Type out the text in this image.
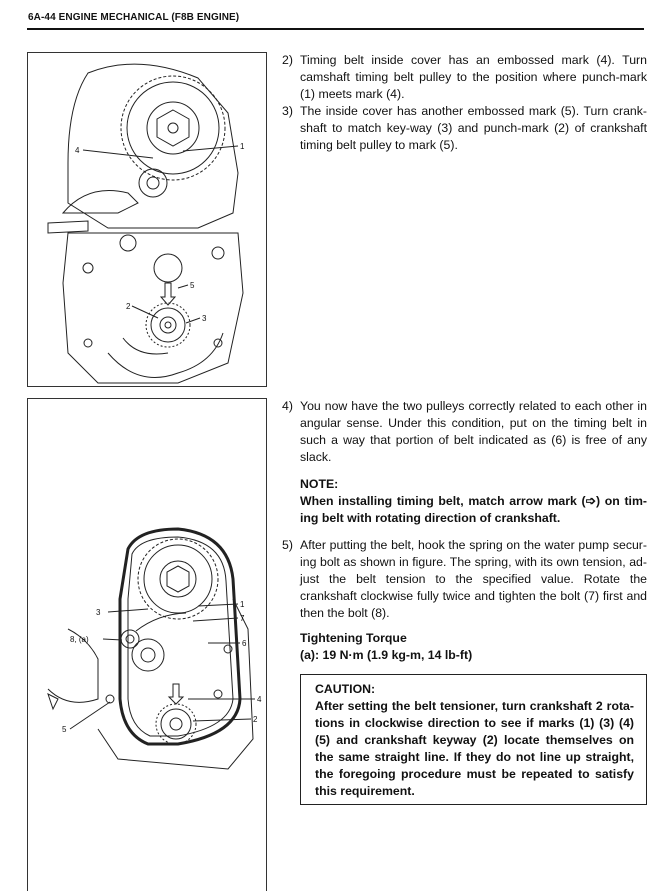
6A-44 ENGINE MECHANICAL (F8B ENGINE)
4	1
5
2
3
3
1
7
8, (a)	6
4
2
5
2) Timing belt inside cover has an embossed mark (4). Turn camshaft timing belt pulley to the position where punch-mark (1) meets mark (4).
3) The inside cover has another embossed mark (5). Turn crank-shaft to match key-way (3) and punch-mark (2) of crankshaft timing belt pulley to mark (5).
4) You now have the two pulleys correctly related to each other in angular sense. Under this condition, put on the timing belt in such a way that portion of belt indicated as (6) is free of any slack.
NOTE:
When installing timing belt, match arrow mark (➩) on tim-ing belt with rotating direction of crankshaft.
5) After putting the belt, hook the spring on the water pump secur-ing bolt as shown in figure. The spring, with its own tension, ad-just the belt tension to the specified value. Rotate the crankshaft clockwise fully twice and tighten the bolt (7) first and then the bolt (8).
Tightening Torque
(a): 19 N·m (1.9 kg-m, 14 lb-ft)
CAUTION:
After setting the belt tensioner, turn crankshaft 2 rota-tions in clockwise direction to see if marks (1) (3) (4) (5) and crankshaft keyway (2) locate themselves on the same straight line. If they do not line up straight, the foregoing procedure must be repeated to satisfy this requirement.
